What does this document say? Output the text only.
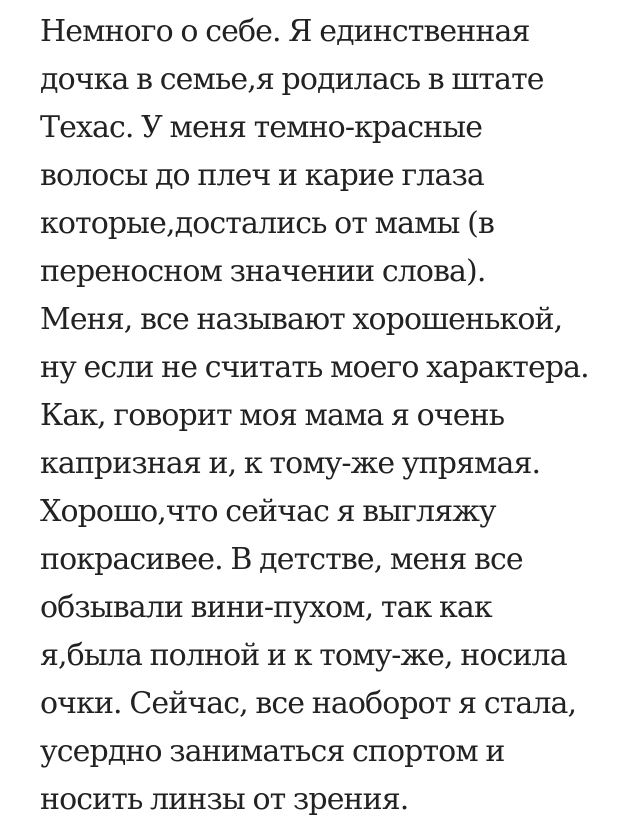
Немного о себе. Я единственная
дочка в семье,я родилась в штате
Техас. У меня темно-красные
волосы до плеч и карие глаза
которые,достались от мамы (в
переносном значении слова).
Меня, все называют хорошенькой,
ну если не считать моего характера.
Как, говорит моя мама я очень
капризная и, к тому-же упрямая.
Хорошо,что сейчас я выгляжу
покрасивее. В детстве, меня все
обзывали вини-пухом, так как
я,была полной и к тому-же, носила
очки. Сейчас, все наоборот я стала,
усердно заниматься спортом и
носить линзы от зрения.
